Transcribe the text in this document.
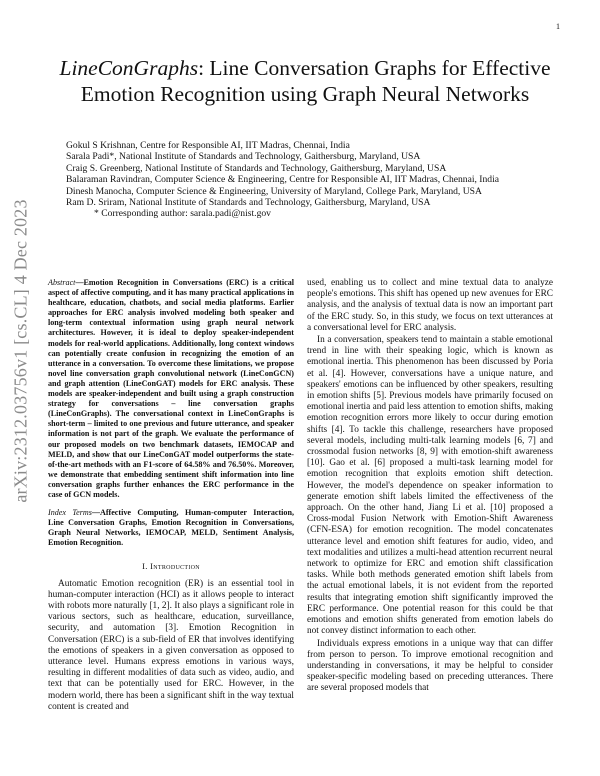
1
arXiv:2312.03756v1 [cs.CL] 4 Dec 2023
LineConGraphs: Line Conversation Graphs for Effective Emotion Recognition using Graph Neural Networks
Gokul S Krishnan, Centre for Responsible AI, IIT Madras, Chennai, India
Sarala Padi*, National Institute of Standards and Technology, Gaithersburg, Maryland, USA
Craig S. Greenberg, National Institute of Standards and Technology, Gaithersburg, Maryland, USA
Balaraman Ravindran, Computer Science & Engineering, Centre for Responsible AI, IIT Madras, Chennai, India
Dinesh Manocha, Computer Science & Engineering, University of Maryland, College Park, Maryland, USA
Ram D. Sriram, National Institute of Standards and Technology, Gaithersburg, Maryland, USA
* Corresponding author: sarala.padi@nist.gov
Abstract—Emotion Recognition in Conversations (ERC) is a critical aspect of affective computing, and it has many practical applications in healthcare, education, chatbots, and social media platforms. Earlier approaches for ERC analysis involved modeling both speaker and long-term contextual information using graph neural network architectures. However, it is ideal to deploy speaker-independent models for real-world applications. Additionally, long context windows can potentially create confusion in recognizing the emotion of an utterance in a conversation. To overcome these limitations, we propose novel line conversation graph convolutional network (LineConGCN) and graph attention (LineConGAT) models for ERC analysis. These models are speaker-independent and built using a graph construction strategy for conversations – line conversation graphs (LineConGraphs). The conversational context in LineConGraphs is short-term – limited to one previous and future utterance, and speaker information is not part of the graph. We evaluate the performance of our proposed models on two benchmark datasets, IEMOCAP and MELD, and show that our LineConGAT model outperforms the state-of-the-art methods with an F1-score of 64.58% and 76.50%. Moreover, we demonstrate that embedding sentiment shift information into line conversation graphs further enhances the ERC performance in the case of GCN models.
Index Terms—Affective Computing, Human-computer Interaction, Line Conversation Graphs, Emotion Recognition in Conversations, Graph Neural Networks, IEMOCAP, MELD, Sentiment Analysis, Emotion Recognition.
I. Introduction

Automatic Emotion recognition (ER) is an essential tool in human-computer interaction (HCI) as it allows people to interact with robots more naturally [1, 2]. It also plays a significant role in various sectors, such as healthcare, education, surveillance, security, and automation [3]. Emotion Recognition in Conversation (ERC) is a sub-field of ER that involves identifying the emotions of speakers in a given conversation as opposed to utterance level. Humans express emotions in various ways, resulting in different modalities of data such as video, audio, and text that can be potentially used for ERC. However, in the modern world, there has been a significant shift in the way textual content is created and

used, enabling us to collect and mine textual data to analyze people's emotions. This shift has opened up new avenues for ERC analysis, and the analysis of textual data is now an important part of the ERC study. So, in this study, we focus on text utterances at a conversational level for ERC analysis.

In a conversation, speakers tend to maintain a stable emotional trend in line with their speaking logic, which is known as emotional inertia. This phenomenon has been discussed by Poria et al. [4]. However, conversations have a unique nature, and speakers' emotions can be influenced by other speakers, resulting in emotion shifts [5]. Previous models have primarily focused on emotional inertia and paid less attention to emotion shifts, making emotion recognition errors more likely to occur during emotion shifts [4]. To tackle this challenge, researchers have proposed several models, including multi-talk learning models [6, 7] and crossmodal fusion networks [8, 9] with emotion-shift awareness [10]. Gao et al. [6] proposed a multi-task learning model for emotion recognition that exploits emotion shift detection. However, the model's dependence on speaker information to generate emotion shift labels limited the effectiveness of the approach. On the other hand, Jiang Li et al. [10] proposed a Cross-modal Fusion Network with Emotion-Shift Awareness (CFN-ESA) for emotion recognition. The model concatenates utterance level and emotion shift features for audio, video, and text modalities and utilizes a multi-head attention recurrent neural network to optimize for ERC and emotion shift classification tasks. While both methods generated emotion shift labels from the actual emotional labels, it is not evident from the reported results that integrating emotion shift significantly improved the ERC performance. One potential reason for this could be that emotions and emotion shifts generated from emotion labels do not convey distinct information to each other.

Individuals express emotions in a unique way that can differ from person to person. To improve emotional recognition and understanding in conversations, it may be helpful to consider speaker-specific modeling based on preceding utterances. There are several proposed models that
